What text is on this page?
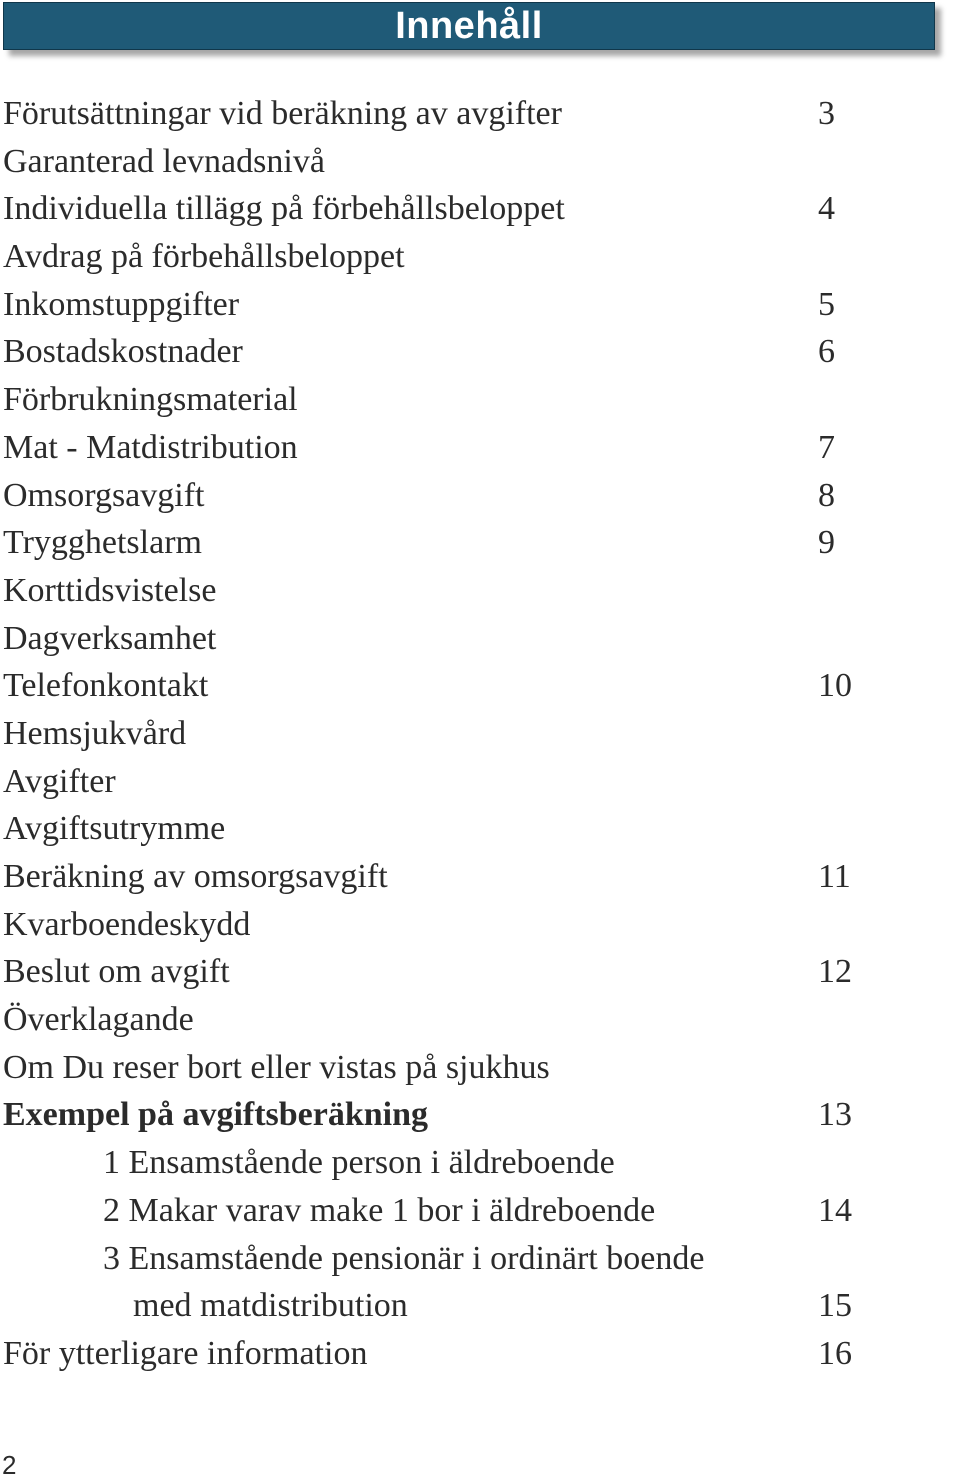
Innehåll
Förutsättningar vid beräkning av avgifter	3
Garanterad levnadsnivå
Individuella tillägg på förbehållsbeloppet	4
Avdrag på förbehållsbeloppet
Inkomstuppgifter	5
Bostadskostnader	6
Förbrukningsmaterial
Mat - Matdistribution	7
Omsorgsavgift	8
Trygghetslarm	9
Korttidsvistelse
Dagverksamhet
Telefonkontakt	10
Hemsjukvård
Avgifter
Avgiftsutrymme
Beräkning av omsorgsavgift	11
Kvarboendeskydd
Beslut om avgift	12
Överklagande
Om Du reser bort eller vistas på sjukhus
Exempel på avgiftsberäkning	13
1 Ensamstående person i äldreboende
2 Makar varav make 1 bor i äldreboende	14
3 Ensamstående pensionär i ordinärt boende
med matdistribution	15
För ytterligare information	16
2
